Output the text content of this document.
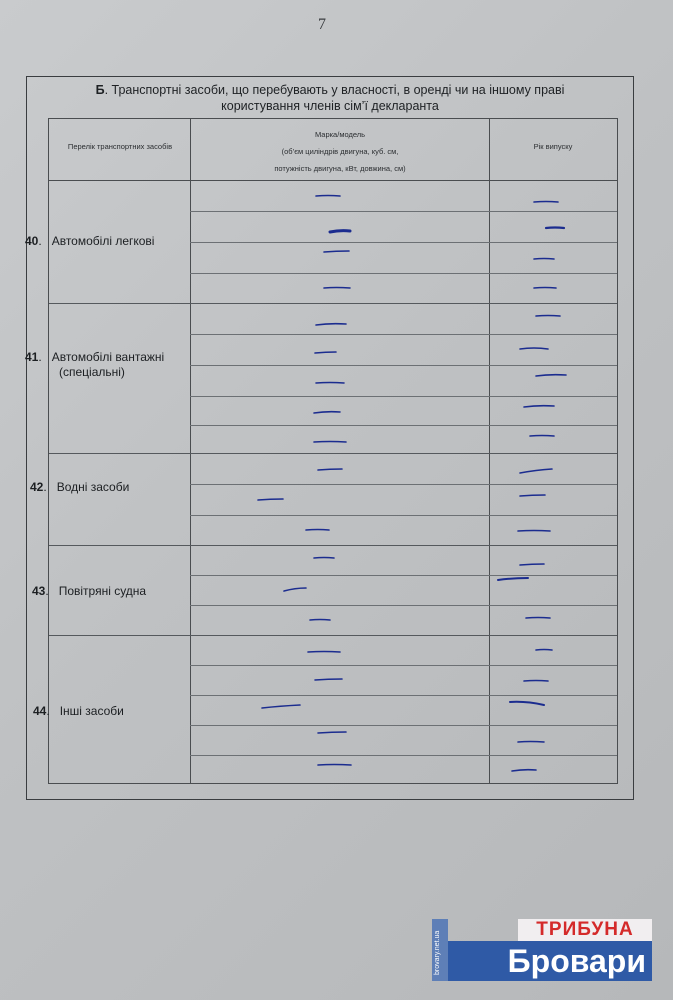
7
Б. Транспортні засоби, що перебувають у власності, в оренді чи на іншому праві
користування членів сім’ї декларанта
Перелік транспортних засобів
Марка/модель
(об’єм циліндрів двигуна, куб. см,
потужність двигуна, кВт, довжина, см)
Рік випуску
40.   Автомобілі легкові
41.   Автомобілі вантажні
(спеціальні)
42.   Водні засоби
43.   Повітряні судна
44.   Інші засоби
brovary.net.ua
ТРИБУНА
Бровари
